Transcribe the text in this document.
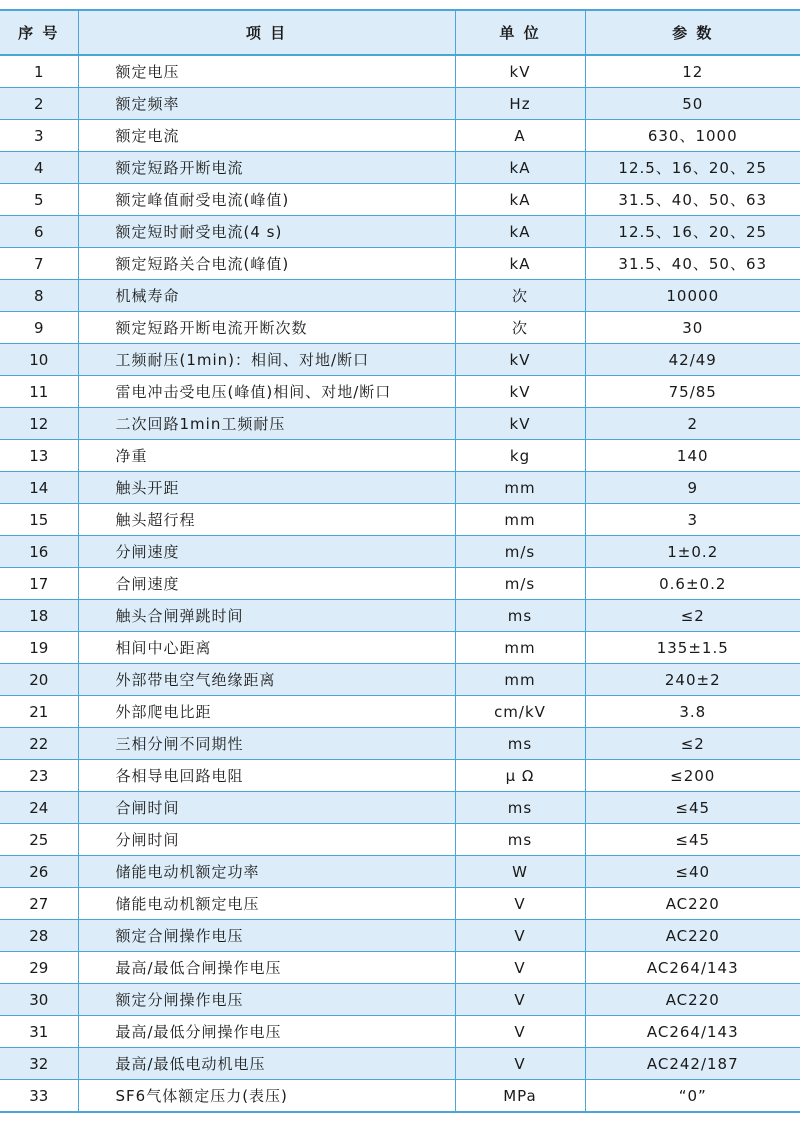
序 号	项 目	单 位	参 数
1	额定电压	kV	12
2	额定频率	Hz	50
3	额定电流	A	630、1000
4	额定短路开断电流	kA	12.5、16、20、25
5	额定峰值耐受电流(峰值)	kA	31.5、40、50、63
6	额定短时耐受电流(4 s)	kA	12.5、16、20、25
7	额定短路关合电流(峰值)	kA	31.5、40、50、63
8	机械寿命	次	10000
9	额定短路开断电流开断次数	次	30
10	工频耐压(1min)：相间、对地/断口	kV	42/49
11	雷电冲击受电压(峰值)相间、对地/断口	kV	75/85
12	二次回路1min工频耐压	kV	2
13	净重	kg	140
14	触头开距	mm	9
15	触头超行程	mm	3
16	分闸速度	m/s	1±0.2
17	合闸速度	m/s	0.6±0.2
18	触头合闸弹跳时间	ms	≤2
19	相间中心距离	mm	135±1.5
20	外部带电空气绝缘距离	mm	240±2
21	外部爬电比距	cm/kV	3.8
22	三相分闸不同期性	ms	≤2
23	各相导电回路电阻	μ Ω	≤200
24	合闸时间	ms	≤45
25	分闸时间	ms	≤45
26	储能电动机额定功率	W	≤40
27	储能电动机额定电压	V	AC220
28	额定合闸操作电压	V	AC220
29	最高/最低合闸操作电压	V	AC264/143
30	额定分闸操作电压	V	AC220
31	最高/最低分闸操作电压	V	AC264/143
32	最高/最低电动机电压	V	AC242/187
33	SF6气体额定压力(表压)	MPa	“0”
